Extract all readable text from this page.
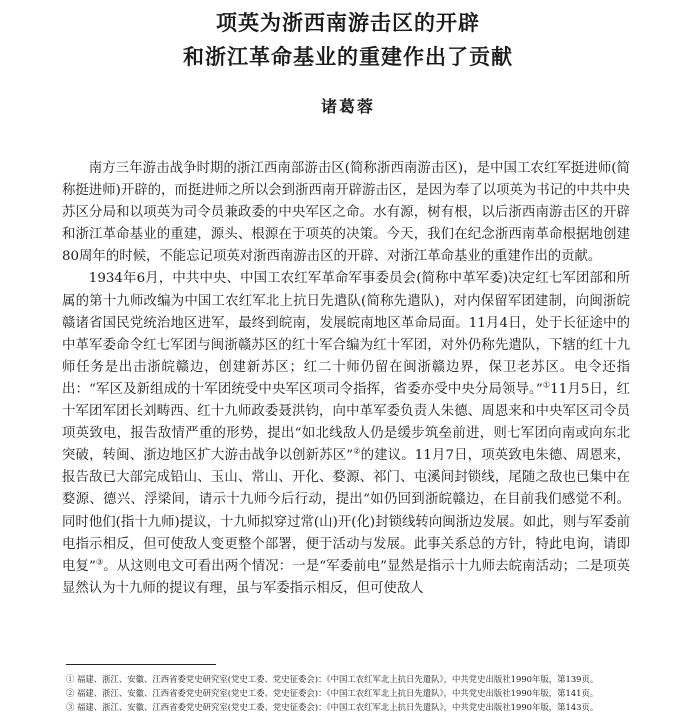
项英为浙西南游击区的开辟
和浙江革命基业的重建作出了贡献
诸葛蓉

南方三年游击战争时期的浙江西南部游击区(简称浙西南游击区)，是中国工农红军挺进师(简称挺进师)开辟的，而挺进师之所以会到浙西南开辟游击区，是因为奉了以项英为书记的中共中央苏区分局和以项英为司令员兼政委的中央军区之命。水有源，树有根，以后浙西南游击区的开辟和浙江革命基业的重建，源头、根源在于项英的决策。今天，我们在纪念浙西南革命根据地创建80周年的时候，不能忘记项英对浙西南游击区的开辟、对浙江革命基业的重建作出的贡献。

1934年6月，中共中央、中国工农红军革命军事委员会(简称中革军委)决定红七军团部和所属的第十九师改编为中国工农红军北上抗日先遣队(简称先遣队)，对内保留军团建制，向闽浙皖赣诸省国民党统治地区进军，最终到皖南，发展皖南地区革命局面。11月4日，处于长征途中的中革军委命令红七军团与闽浙赣苏区的红十军合编为红十军团，对外仍称先遣队，下辖的红十九师任务是出击浙皖赣边，创建新苏区；红二十师仍留在闽浙赣边界，保卫老苏区。电令还指出：“军区及新组成的十军团统受中央军区项司令指挥，省委亦受中央分局领导。”①11月5日，红十军团军团长刘畴西、红十九师政委聂洪钧，向中革军委负责人朱德、周恩来和中央军区司令员项英致电，报告敌情严重的形势，提出“如北线敌人仍是缓步筑垒前进，则七军团向南或向东北突破，转闽、浙边地区扩大游击战争以创新苏区”②的建议。11月7日，项英致电朱德、周恩来，报告敌已大部完成铅山、玉山、常山、开化、婺源、祁门、屯溪间封锁线，尾随之敌也已集中在婺源、德兴、浮梁间，请示十九师今后行动，提出“如仍回到浙皖赣边，在目前我们感觉不利。同时他们(指十九师)提议，十九师拟穿过常(山)开(化)封锁线转向闽浙边发展。如此，则与军委前电指示相反，但可使敌人变更整个部署，便于活动与发展。此事关系总的方针，特此电询，请即电复”③。从这则电文可看出两个情况：一是“军委前电”显然是指示十九师去皖南活动；二是项英显然认为十九师的提议有理，虽与军委指示相反，但可使敌人

① 福建、浙江、安徽、江西省委党史研究室(党史工委、党史征委会)：《中国工农红军北上抗日先遣队》，中共党史出版社1990年版，第139页。

② 福建、浙江、安徽、江西省委党史研究室(党史工委、党史征委会)：《中国工农红军北上抗日先遣队》，中共党史出版社1990年版，第141页。

③ 福建、浙江、安徽、江西省委党史研究室(党史工委、党史征委会)：《中国工农红军北上抗日先遣队》，中共党史出版社1990年版，第143页。
